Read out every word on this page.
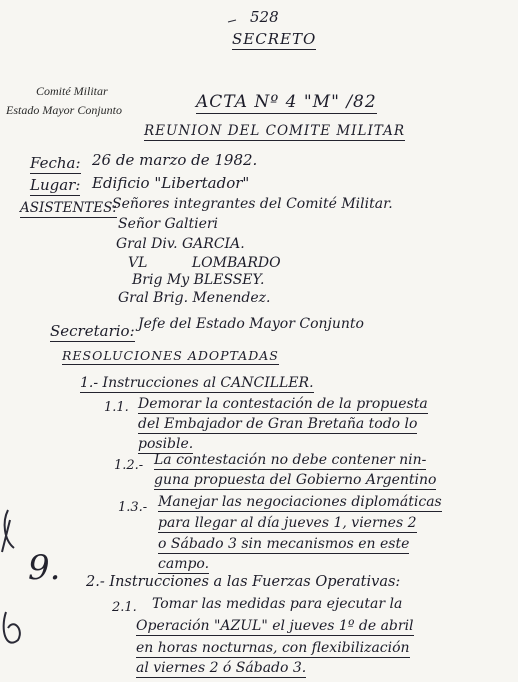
528
SECRETO
Comité Militar
Estado Mayor Conjunto	ACTA Nº 4 "M" /82
REUNION DEL COMITE MILITAR
Fecha: 26 de marzo de 1982.
Lugar: Edificio "Libertador"
ASISTENTES:
Señores integrantes del Comité Militar.
Señor Galtieri
Gral Div. GARCIA.
VL LOMBARDO
Brig My BLESSEY.
Gral Brig. Menendez.
Secretario: Jefe del Estado Mayor Conjunto
RESOLUCIONES ADOPTADAS
1.- Instrucciones al CANCILLER.
1.1. Demorar la contestación de la propuesta
del Embajador de Gran Bretaña todo lo
posible.
1.2.- La contestación no debe contener nin-
guna propuesta del Gobierno Argentino
1.3.- Manejar las negociaciones diplomáticas
para llegar al día jueves 1, viernes 2
o Sábado 3 sin mecanismos en este
campo.
2.- Instrucciones a las Fuerzas Operativas:
2.1. Tomar las medidas para ejecutar la
Operación "AZUL" el jueves 1º de abril
en horas nocturnas, con flexibilización
al viernes 2 ó Sábado 3.
9.
